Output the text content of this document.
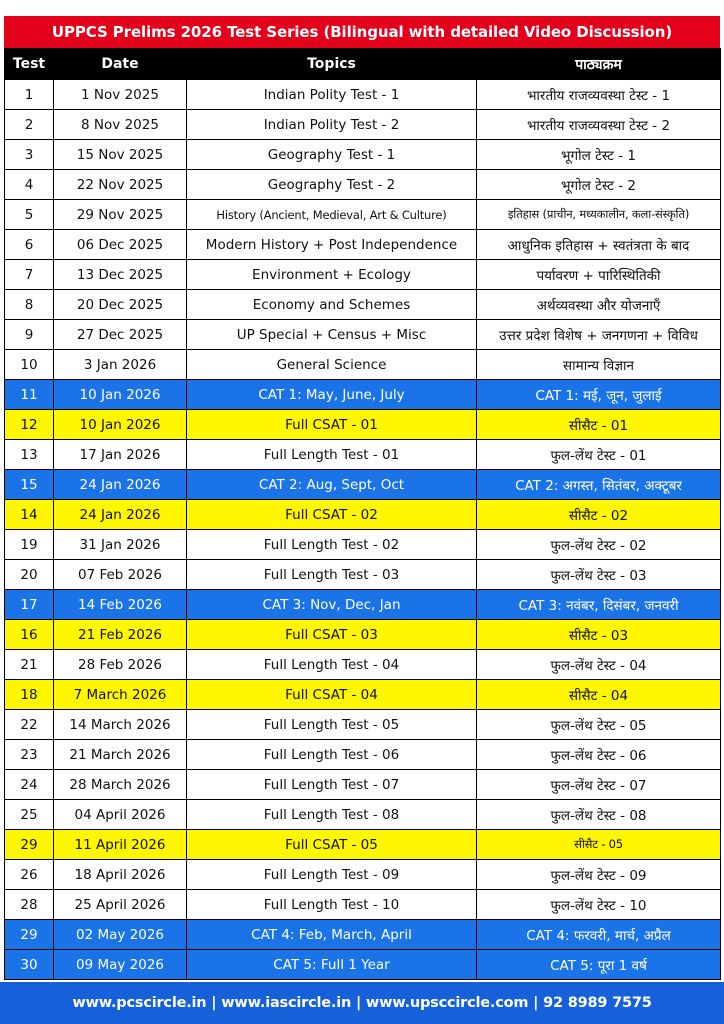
UPPCS Prelims 2026 Test Series (Bilingual with detailed Video Discussion)
Test	Date	Topics	पाठ्यक्रम
1	1 Nov 2025	Indian Polity Test - 1	भारतीय राजव्यवस्था टेस्ट - 1
2	8 Nov 2025	Indian Polity Test - 2	भारतीय राजव्यवस्था टेस्ट - 2
3	15 Nov 2025	Geography Test - 1	भूगोल टेस्ट - 1
4	22 Nov 2025	Geography Test - 2	भूगोल टेस्ट - 2
5	29 Nov 2025	History (Ancient, Medieval, Art & Culture)	इतिहास (प्राचीन, मध्यकालीन, कला-संस्कृति)
6	06 Dec 2025	Modern History + Post Independence	आधुनिक इतिहास + स्वतंत्रता के बाद
7	13 Dec 2025	Environment + Ecology	पर्यावरण + पारिस्थितिकी
8	20 Dec 2025	Economy and Schemes	अर्थव्यवस्था और योजनाएँ
9	27 Dec 2025	UP Special + Census + Misc	उत्तर प्रदेश विशेष + जनगणना + विविध
10	3 Jan 2026	General Science	सामान्य विज्ञान
11	10 Jan 2026	CAT 1: May, June, July	CAT 1: मई, जून, जुलाई
12	10 Jan 2026	Full CSAT - 01	सीसैट - 01
13	17 Jan 2026	Full Length Test - 01	फुल-लेंथ टेस्ट - 01
15	24 Jan 2026	CAT 2: Aug, Sept, Oct	CAT 2: अगस्त, सितंबर, अक्टूबर
14	24 Jan 2026	Full CSAT - 02	सीसैट - 02
19	31 Jan 2026	Full Length Test - 02	फुल-लेंथ टेस्ट - 02
20	07 Feb 2026	Full Length Test - 03	फुल-लेंथ टेस्ट - 03
17	14 Feb 2026	CAT 3: Nov, Dec, Jan	CAT 3: नवंबर, दिसंबर, जनवरी
16	21 Feb 2026	Full CSAT - 03	सीसैट - 03
21	28 Feb 2026	Full Length Test - 04	फुल-लेंथ टेस्ट - 04
18	7 March 2026	Full CSAT - 04	सीसैट - 04
22	14 March 2026	Full Length Test - 05	फुल-लेंथ टेस्ट - 05
23	21 March 2026	Full Length Test - 06	फुल-लेंथ टेस्ट - 06
24	28 March 2026	Full Length Test - 07	फुल-लेंथ टेस्ट - 07
25	04 April 2026	Full Length Test - 08	फुल-लेंथ टेस्ट - 08
29	11 April 2026	Full CSAT - 05	सीसैट - 05
26	18 April 2026	Full Length Test - 09	फुल-लेंथ टेस्ट - 09
28	25 April 2026	Full Length Test - 10	फुल-लेंथ टेस्ट - 10
29	02 May 2026	CAT 4: Feb, March, April	CAT 4: फरवरी, मार्च, अप्रैल
30	09 May 2026	CAT 5: Full 1 Year	CAT 5: पूरा 1 वर्ष
www.pcscircle.in | www.iascircle.in | www.upsccircle.com | 92 8989 7575
